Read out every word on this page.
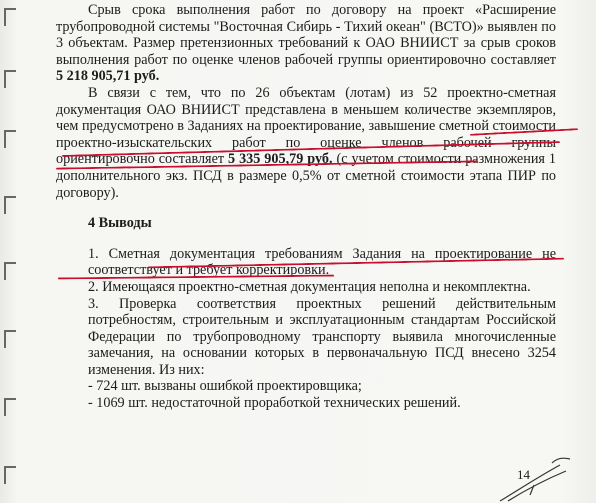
Срыв срока выполнения работ по договору на проект «Расширение трубопроводной системы "Восточная Сибирь - Тихий океан" (ВСТО)» выявлен по 3 объектам. Размер претензионных требований к ОАО ВНИИСТ за срыв сроков выполнения работ по оценке членов рабочей группы ориентировочно составляет 5 218 905,71 руб.

В связи с тем, что по 26 объектам (лотам) из 52 проектно-сметная документация ОАО ВНИИСТ представлена в меньшем количестве экземпляров, чем предусмотрено в Заданиях на проектирование, завышение сметной стоимости проектно-изыскательских работ по оценке членов рабочей группы ориентировочно составляет 5 335 905,79 руб. (с учетом стоимости размножения 1 дополнительного экз. ПСД в размере 0,5% от сметной стоимости этапа ПИР по договору).

4 Выводы

1. Сметная документация требованиям Задания на проектирование не соответствует и требует корректировки.

2. Имеющаяся проектно-сметная документация неполна и некомплектна.

3. Проверка соответствия проектных решений действительным потребностям, строительным и эксплуатационным стандартам Российской Федерации по трубопроводному транспорту выявила многочисленные замечания, на основании которых в первоначальную ПСД внесено 3254 изменения. Из них:

- 724 шт. вызваны ошибкой проектировщика;

- 1069 шт. недостаточной проработкой технических решений.

14
